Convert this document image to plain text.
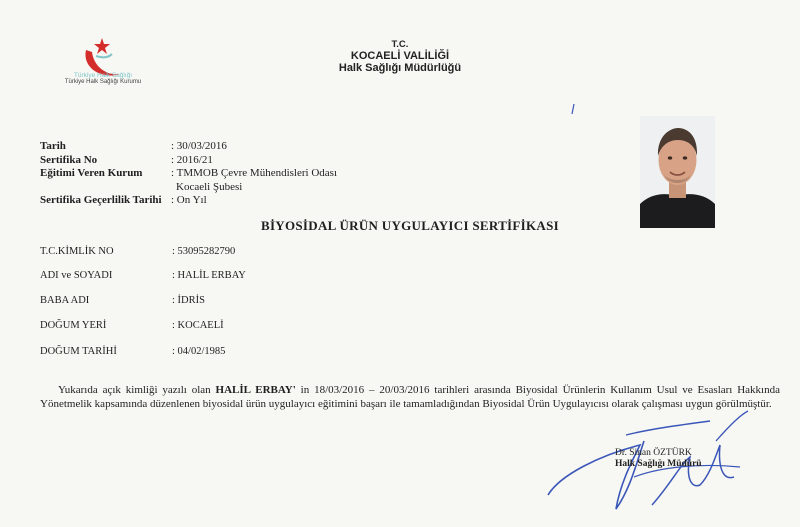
Türkiye Halk Sağlığı
Türkiye Halk Sağlığı Kurumu
T.C.
KOCAELİ VALİLİĞİ
Halk Sağlığı Müdürlüğü
Tarih	: 30/03/2016
Sertifika No	: 2016/21
Eğitimi Veren Kurum	: TMMOB Çevre Mühendisleri Odası
Kocaeli Şubesi
Sertifika Geçerlilik Tarihi : On Yıl
BİYOSİDAL ÜRÜN UYGULAYICI SERTİFİKASI
T.C.KİMLİK NO	: 53095282790
ADI ve SOYADI	: HALİL ERBAY
BABA ADI	: İDRİS
DOĞUM YERİ	: KOCAELİ
DOĞUM TARİHİ	: 04/02/1985
Yukarıda açık kimliği yazılı olan HALİL ERBAY' in 18/03/2016 – 20/03/2016 tarihleri arasında Biyosidal Ürünlerin Kullanım Usul ve Esasları Hakkında Yönetmelik kapsamında düzenlenen biyosidal ürün uygulayıcı eğitimini başarı ile tamamladığından Biyosidal Ürün Uygulayıcısı olarak çalışması uygun görülmüştür.
Dr. Sinan ÖZTÜRK
Halk Sağlığı Müdürü
